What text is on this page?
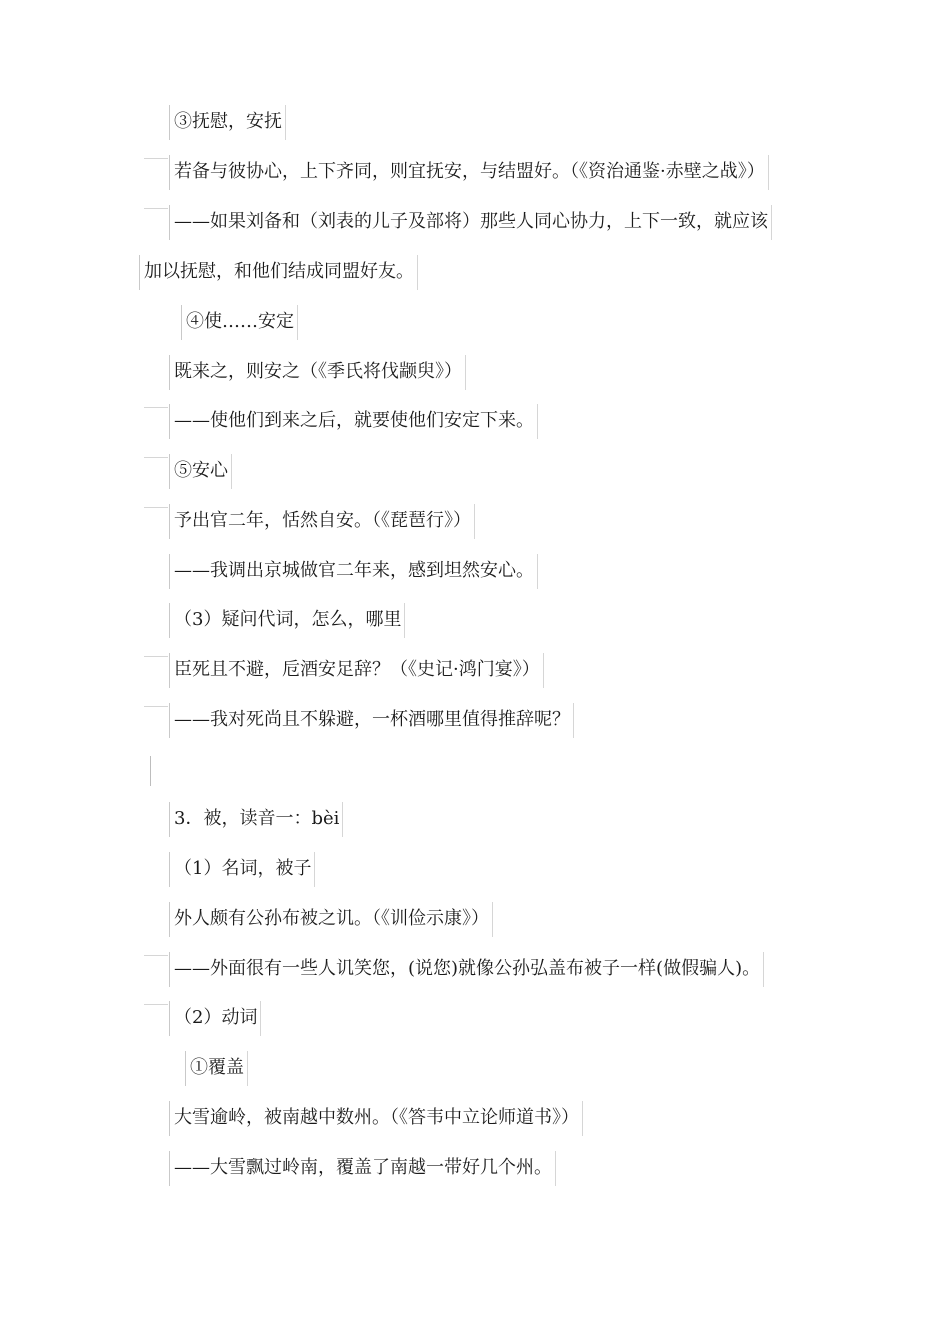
③抚慰，安抚
若备与彼协心，上下齐同，则宜抚安，与结盟好。（《资治通鉴·赤壁之战》）
——如果刘备和（刘表的儿子及部将）那些人同心协力，上下一致，就应该
加以抚慰，和他们结成同盟好友。
④使……安定
既来之，则安之（《季氏将伐颛臾》）
——使他们到来之后，就要使他们安定下来。
⑤安心
予出官二年，恬然自安。（《琵琶行》）
——我调出京城做官二年来，感到坦然安心。
（3）疑问代词，怎么，哪里
臣死且不避，卮酒安足辞？（《史记·鸿门宴》）
——我对死尚且不躲避，一杯酒哪里值得推辞呢？
3．被，读音一：bèi
（1）名词，被子
外人颇有公孙布被之讥。（《训俭示康》）
——外面很有一些人讥笑您，(说您)就像公孙弘盖布被子一样(做假骗人)。
（2）动词
①覆盖
大雪逾岭，被南越中数州。（《答韦中立论师道书》）
——大雪飘过岭南，覆盖了南越一带好几个州。
